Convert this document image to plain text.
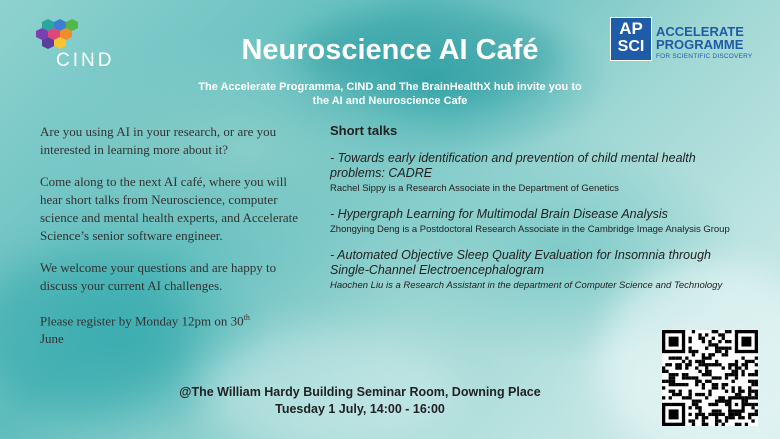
CIND	Neuroscience AI Café
The Accelerate Programma, CIND and The BrainHealthX hub invite you to
the AI and Neuroscience Cafe
AP
SCI
ACCELERATE
PROGRAMME
FOR SCIENTIFIC DISCOVERY

Are you using AI in your research, or are you interested in learning more about it?

Come along to the next AI café, where you will hear short talks from Neuroscience, computer science and mental health experts, and Accelerate Science’s senior software engineer.

We welcome your questions and are happy to discuss your current AI challenges.

Please register by Monday 12pm on 30th
June

Short talks
- Towards early identification and prevention of child mental health problems: CADRE
Rachel Sippy is a Research Associate in the Department of Genetics
- Hypergraph Learning for Multimodal Brain Disease Analysis
Zhongying Deng is a Postdoctoral Research Associate in the Cambridge Image Analysis Group
- Automated Objective Sleep Quality Evaluation for Insomnia through Single-Channel Electroencephalogram
Haochen Liu is a Research Assistant in the department of Computer Science and Technology
@The William Hardy Building Seminar Room, Downing Place
Tuesday 1 July, 14:00 - 16:00
